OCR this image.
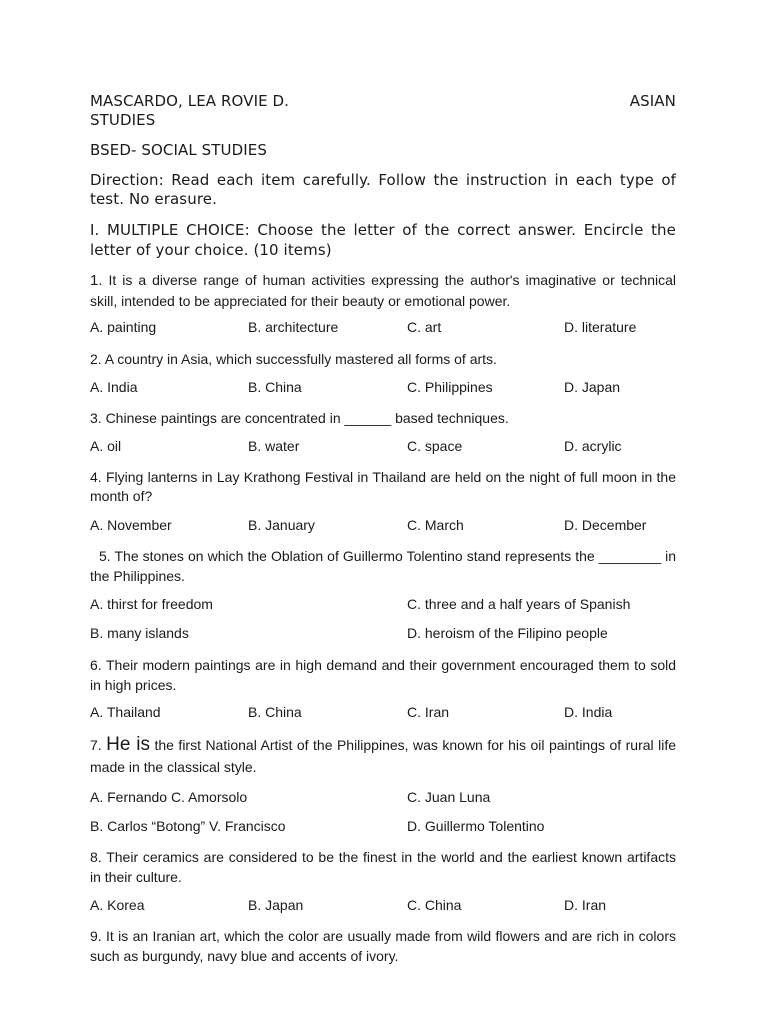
MASCARDO, LEA ROVIE D.	ASIAN
STUDIES
BSED- SOCIAL STUDIES
Direction: Read each item carefully. Follow the instruction in each type of test. No erasure.
I. MULTIPLE CHOICE: Choose the letter of the correct answer. Encircle the letter of your choice. (10 items)
1. It is a diverse range of human activities expressing the author's imaginative or technical skill, intended to be appreciated for their beauty or emotional power.
A. painting	B. architecture	C. art	D. literature
2. A country in Asia, which successfully mastered all forms of arts.
A. India	B. China	C. Philippines	D. Japan
3. Chinese paintings are concentrated in ______ based techniques.
A. oil	B. water	C. space	D. acrylic
4. Flying lanterns in Lay Krathong Festival in Thailand are held on the night of full moon in the month of?
A. November	B. January	C. March	D. December
5. The stones on which the Oblation of Guillermo Tolentino stand represents the ________ in the Philippines.
A. thirst for freedom	C. three and a half years of Spanish
B. many islands	D. heroism of the Filipino people
6. Their modern paintings are in high demand and their government encouraged them to sold in high prices.
A. Thailand	B. China	C. Iran	D. India
7. He is the first National Artist of the Philippines, was known for his oil paintings of rural life made in the classical style.
A. Fernando C. Amorsolo	C. Juan Luna
B. Carlos “Botong” V. Francisco	D. Guillermo Tolentino
8. Their ceramics are considered to be the finest in the world and the earliest known artifacts in their culture.
A. Korea	B. Japan	C. China	D. Iran
9. It is an Iranian art, which the color are usually made from wild flowers and are rich in colors such as burgundy, navy blue and accents of ivory.
